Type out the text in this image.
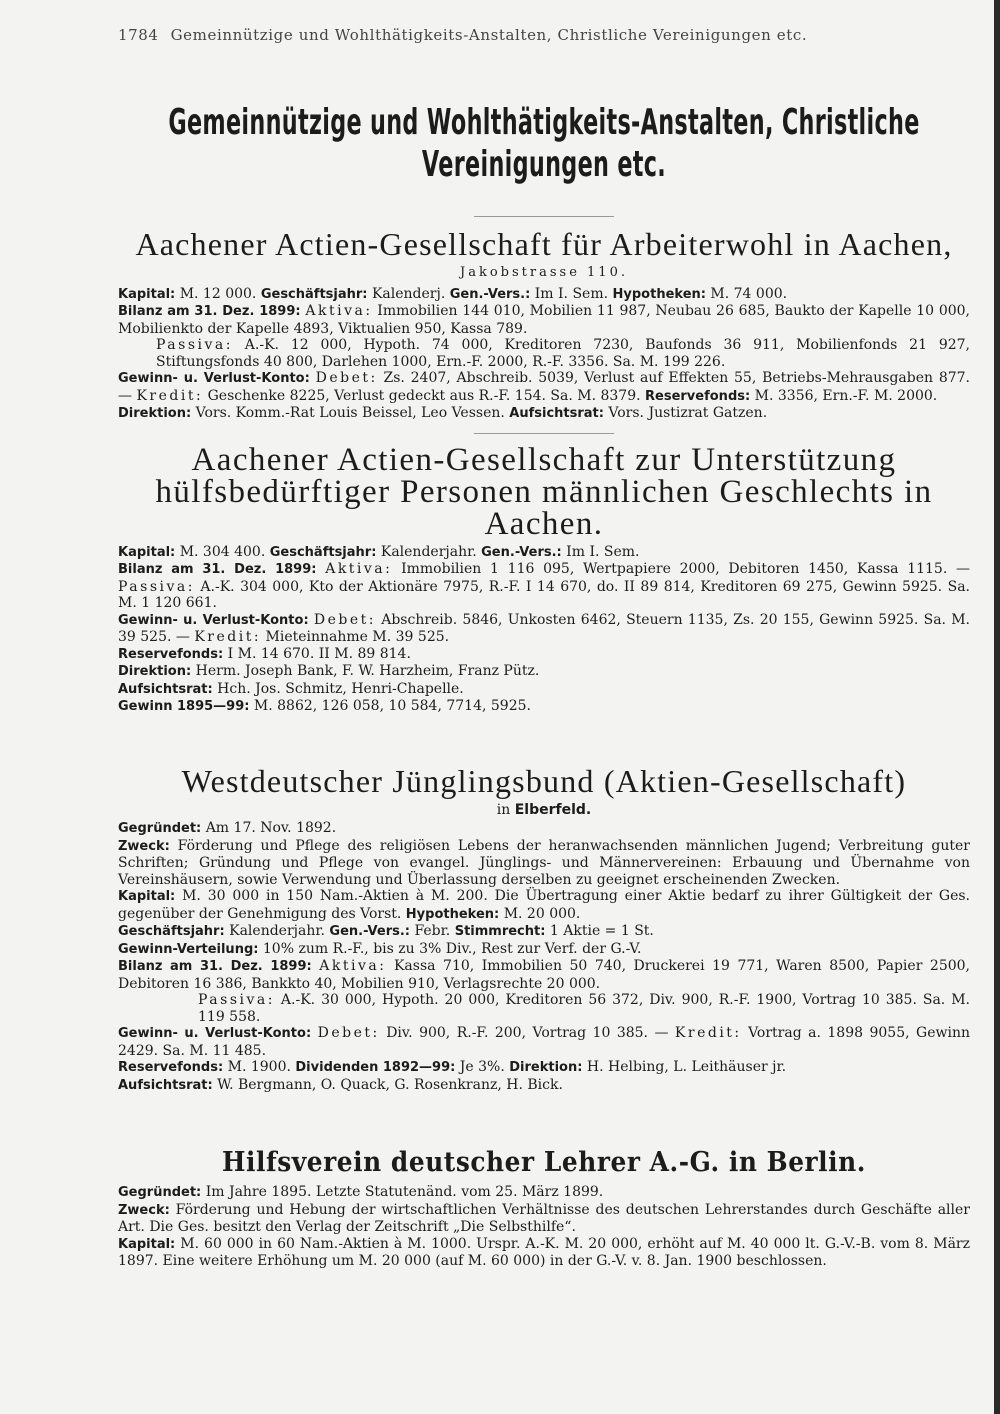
1784 Gemeinnützige und Wohlthätigkeits-Anstalten, Christliche Vereinigungen etc.
Gemeinnützige und Wohlthätigkeits-Anstalten, Christliche
Vereinigungen etc.
Aachener Actien-Gesellschaft für Arbeiterwohl in Aachen,
Jakobstrasse 110.

Kapital: M. 12 000. Geschäftsjahr: Kalenderj. Gen.-Vers.: Im I. Sem. Hypotheken: M. 74 000.

Bilanz am 31. Dez. 1899: Aktiva: Immobilien 144 010, Mobilien 11 987, Neubau 26 685, Baukto der Kapelle 10 000, Mobilienkto der Kapelle 4893, Viktualien 950, Kassa 789.

Passiva: A.-K. 12 000, Hypoth. 74 000, Kreditoren 7230, Baufonds 36 911, Mobilienfonds 21 927, Stiftungsfonds 40 800, Darlehen 1000, Ern.-F. 2000, R.-F. 3356. Sa. M. 199 226.

Gewinn- u. Verlust-Konto: Debet: Zs. 2407, Abschreib. 5039, Verlust auf Effekten 55, Betriebs-Mehrausgaben 877. — Kredit: Geschenke 8225, Verlust gedeckt aus R.-F. 154. Sa. M. 8379. Reservefonds: M. 3356, Ern.-F. M. 2000.

Direktion: Vors. Komm.-Rat Louis Beissel, Leo Vessen. Aufsichtsrat: Vors. Justizrat Gatzen.

Aachener Actien-Gesellschaft zur Unterstützung hülfsbedürftiger Personen männlichen Geschlechts in Aachen.

Kapital: M. 304 400. Geschäftsjahr: Kalenderjahr. Gen.-Vers.: Im I. Sem.

Bilanz am 31. Dez. 1899: Aktiva: Immobilien 1 116 095, Wertpapiere 2000, Debitoren 1450, Kassa 1115. — Passiva: A.-K. 304 000, Kto der Aktionäre 7975, R.-F. I 14 670, do. II 89 814, Kreditoren 69 275, Gewinn 5925. Sa. M. 1 120 661.

Gewinn- u. Verlust-Konto: Debet: Abschreib. 5846, Unkosten 6462, Steuern 1135, Zs. 20 155, Gewinn 5925. Sa. M. 39 525. — Kredit: Mieteinnahme M. 39 525.

Reservefonds: I M. 14 670. II M. 89 814.

Direktion: Herm. Joseph Bank, F. W. Harzheim, Franz Pütz.

Aufsichtsrat: Hch. Jos. Schmitz, Henri-Chapelle.

Gewinn 1895—99: M. 8862, 126 058, 10 584, 7714, 5925.

Westdeutscher Jünglingsbund (Aktien-Gesellschaft)
in Elberfeld.

Gegründet: Am 17. Nov. 1892.

Zweck: Förderung und Pflege des religiösen Lebens der heranwachsenden männlichen Jugend; Verbreitung guter Schriften; Gründung und Pflege von evangel. Jünglings- und Männervereinen: Erbauung und Übernahme von Vereinshäusern, sowie Verwendung und Überlassung derselben zu geeignet erscheinenden Zwecken.

Kapital: M. 30 000 in 150 Nam.-Aktien à M. 200. Die Übertragung einer Aktie bedarf zu ihrer Gültigkeit der Ges. gegenüber der Genehmigung des Vorst. Hypotheken: M. 20 000.

Geschäftsjahr: Kalenderjahr. Gen.-Vers.: Febr. Stimmrecht: 1 Aktie = 1 St.

Gewinn-Verteilung: 10% zum R.-F., bis zu 3% Div., Rest zur Verf. der G.-V.

Bilanz am 31. Dez. 1899: Aktiva: Kassa 710, Immobilien 50 740, Druckerei 19 771, Waren 8500, Papier 2500, Debitoren 16 386, Bankkto 40, Mobilien 910, Verlagsrechte 20 000.

Passiva: A.-K. 30 000, Hypoth. 20 000, Kreditoren 56 372, Div. 900, R.-F. 1900, Vortrag 10 385. Sa. M. 119 558.

Gewinn- u. Verlust-Konto: Debet: Div. 900, R.-F. 200, Vortrag 10 385. — Kredit: Vortrag a. 1898 9055, Gewinn 2429. Sa. M. 11 485.

Reservefonds: M. 1900. Dividenden 1892—99: Je 3%. Direktion: H. Helbing, L. Leithäuser jr.

Aufsichtsrat: W. Bergmann, O. Quack, G. Rosenkranz, H. Bick.

Hilfsverein deutscher Lehrer A.-G. in Berlin.

Gegründet: Im Jahre 1895. Letzte Statutenänd. vom 25. März 1899.

Zweck: Förderung und Hebung der wirtschaftlichen Verhältnisse des deutschen Lehrerstandes durch Geschäfte aller Art. Die Ges. besitzt den Verlag der Zeitschrift „Die Selbsthilfe“.

Kapital: M. 60 000 in 60 Nam.-Aktien à M. 1000. Urspr. A.-K. M. 20 000, erhöht auf M. 40 000 lt. G.-V.-B. vom 8. März 1897. Eine weitere Erhöhung um M. 20 000 (auf M. 60 000) in der G.-V. v. 8. Jan. 1900 beschlossen.
